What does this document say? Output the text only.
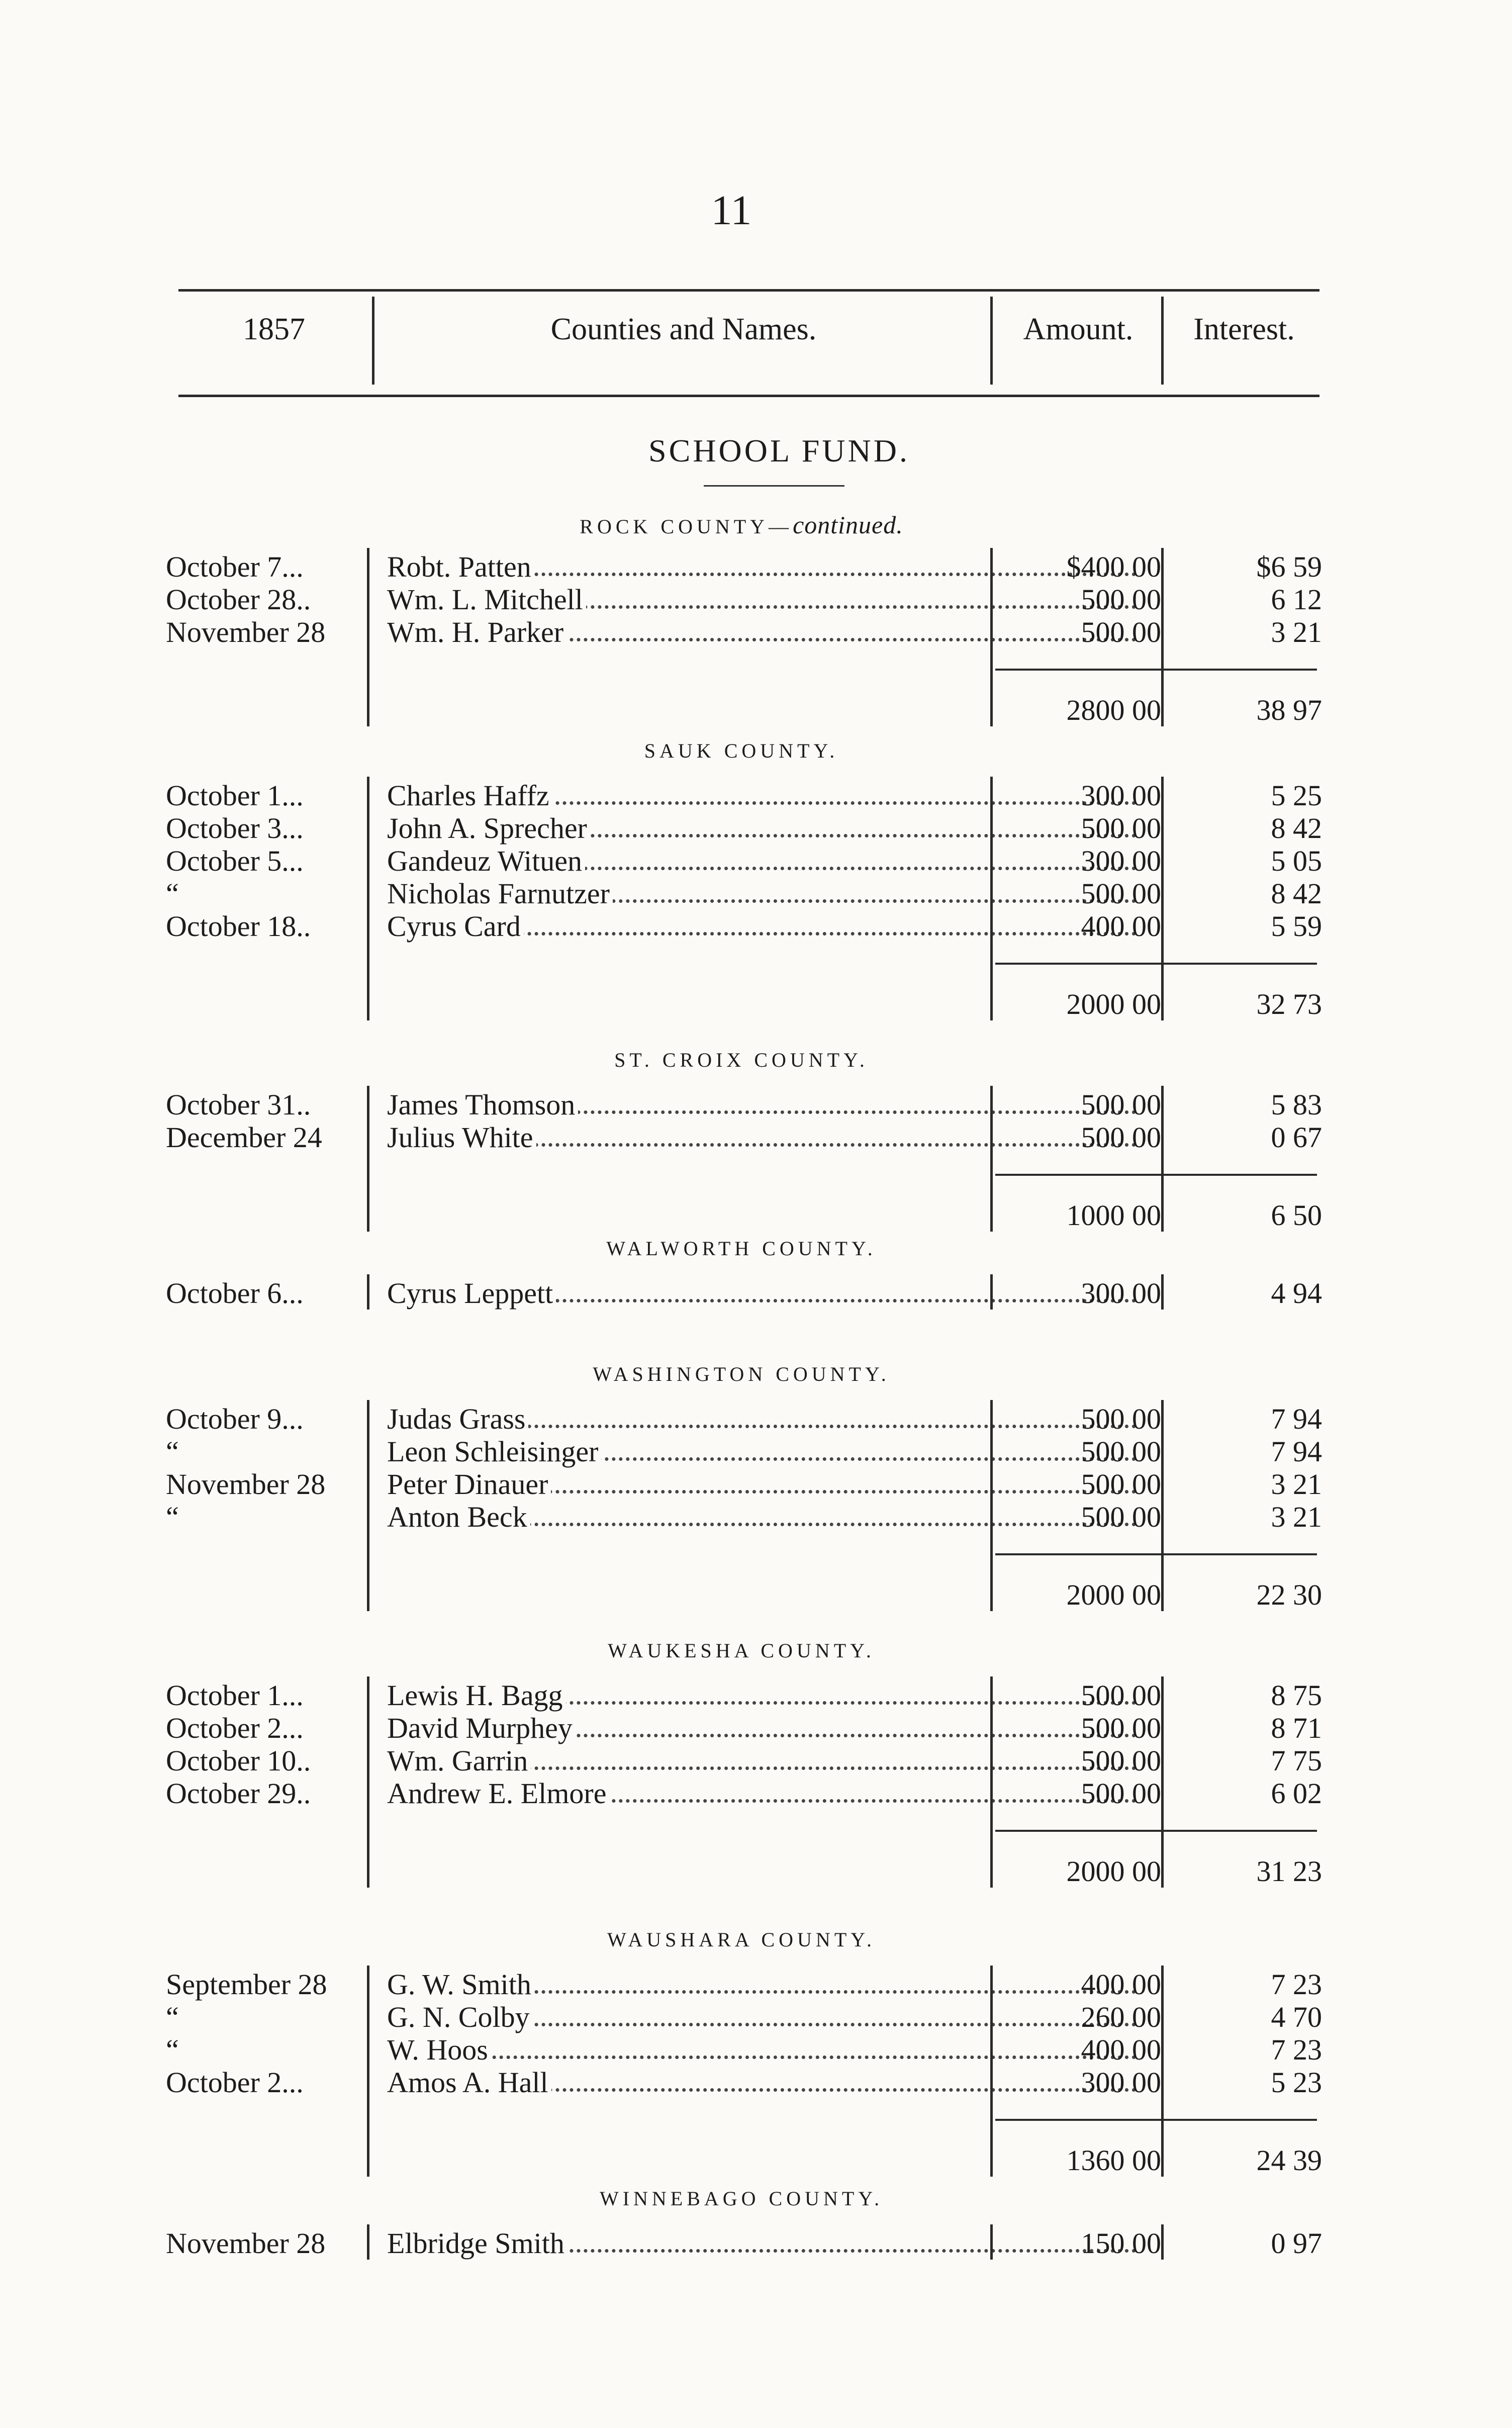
11
1857	Counties and Names.	Amount.	Interest.
SCHOOL FUND.
ROCK COUNTY—continued.
October 7...	Robt. Patten	$400 00	$6 59
October 28..	Wm. L. Mitchell	500 00	6 12
November 28	Wm. H. Parker	500 00	3 21
2800 00	38 97
SAUK COUNTY.
October 1...	Charles Haffz	300 00	5 25
October 3...	John A. Sprecher	500 00	8 42
October 5...	Gandeuz Wituen	300 00	5 05
“	Nicholas Farnutzer	500 00	8 42
October 18..	Cyrus Card	400 00	5 59
2000 00	32 73
ST. CROIX COUNTY.
October 31..	James Thomson	500 00	5 83
December 24	Julius White	500 00	0 67
1000 00	6 50
WALWORTH COUNTY.
October 6...	Cyrus Leppett	300 00	4 94
WASHINGTON COUNTY.
October 9...	Judas Grass	500 00	7 94
“	Leon Schleisinger	500 00	7 94
November 28	Peter Dinauer	500 00	3 21
“	Anton Beck	500 00	3 21
2000 00	22 30
WAUKESHA COUNTY.
October 1...	Lewis H. Bagg	500 00	8 75
October 2...	David Murphey	500 00	8 71
October 10..	Wm. Garrin	500 00	7 75
October 29..	Andrew E. Elmore	500 00	6 02
2000 00	31 23
WAUSHARA COUNTY.
September 28	G. W. Smith	400 00	7 23
“	G. N. Colby	260 00	4 70
“	W. Hoos	400 00	7 23
October 2...	Amos A. Hall	300 00	5 23
1360 00	24 39
WINNEBAGO COUNTY.
November 28	Elbridge Smith	150 00	0 97
